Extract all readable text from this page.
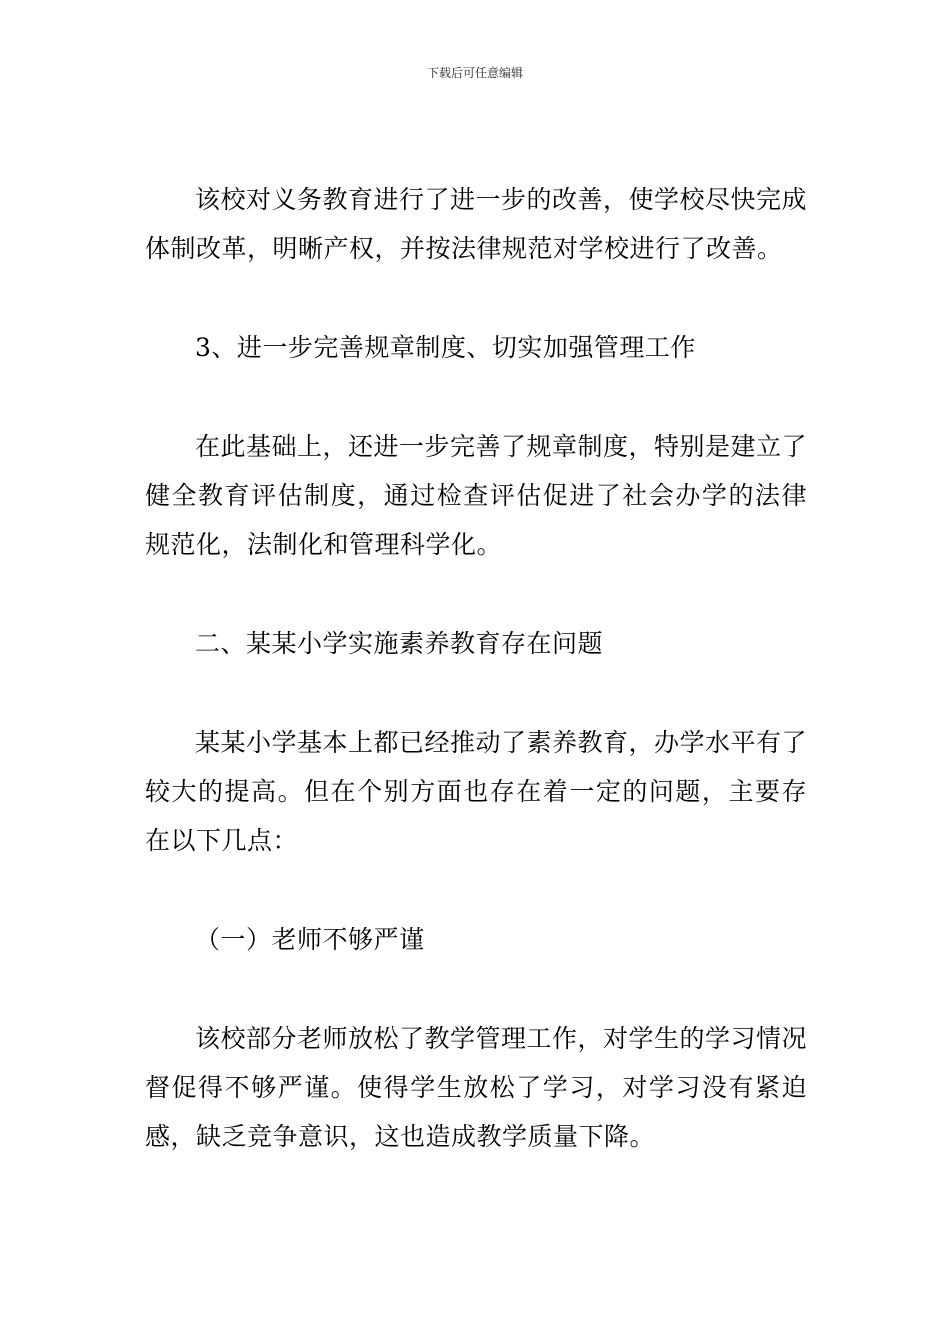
下载后可任意编辑

该校对义务教育进行了进一步的改善，使学校尽快完成体制改革，明晰产权，并按法律规范对学校进行了改善。

3、进一步完善规章制度、切实加强管理工作

在此基础上，还进一步完善了规章制度，特别是建立了健全教育评估制度，通过检查评估促进了社会办学的法律规范化，法制化和管理科学化。

二、某某小学实施素养教育存在问题

某某小学基本上都已经推动了素养教育，办学水平有了较大的提高。但在个别方面也存在着一定的问题，主要存在以下几点：

（一）老师不够严谨

该校部分老师放松了教学管理工作，对学生的学习情况督促得不够严谨。使得学生放松了学习，对学习没有紧迫感，缺乏竞争意识，这也造成教学质量下降。
